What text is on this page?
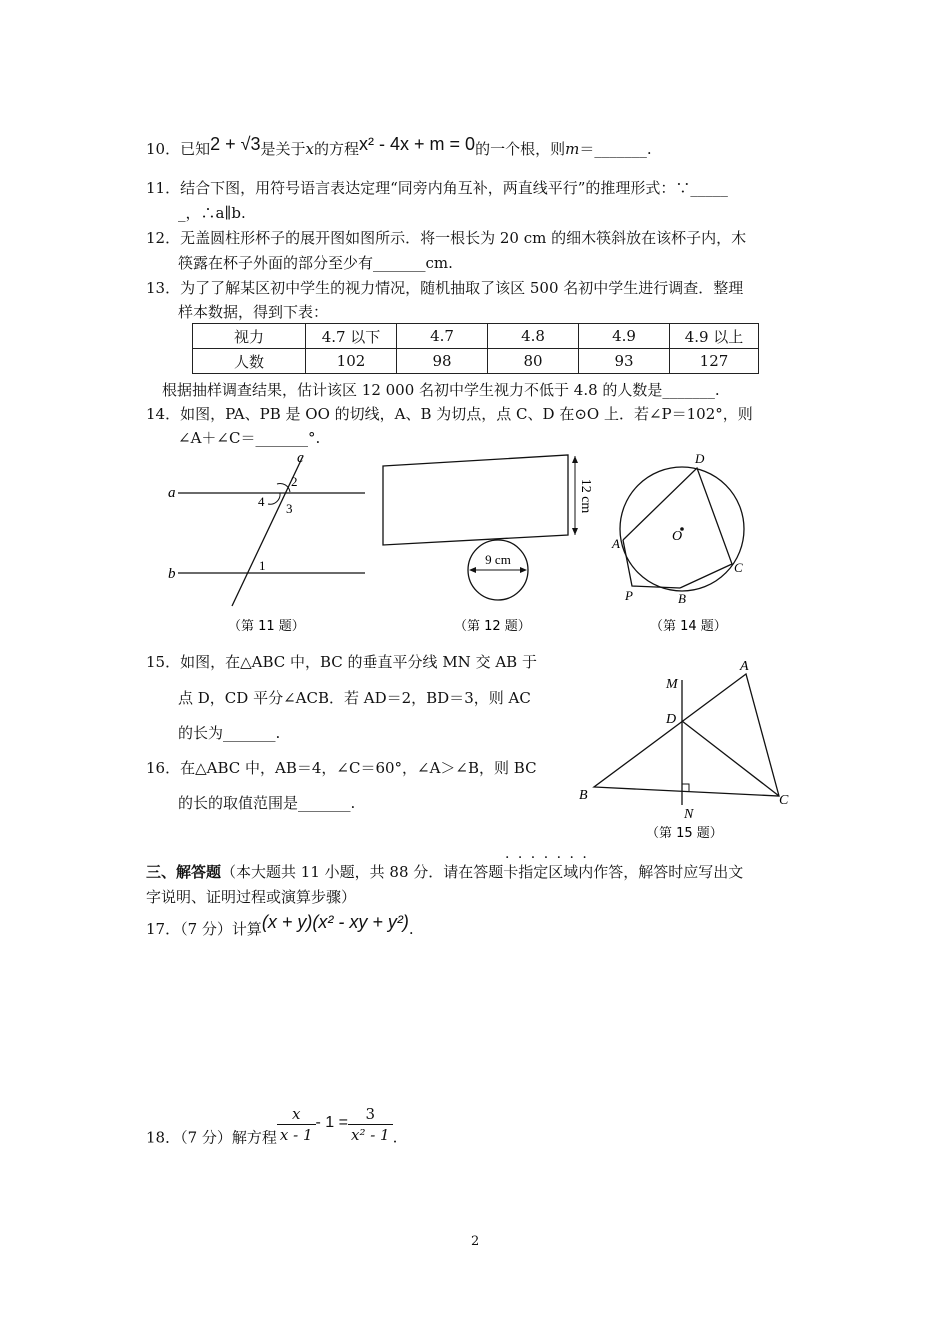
10．已知2 + √3是关于x的方程x² - 4x + m = 0的一个根，则m＝_______.
11．结合下图，用符号语言表达定理“同旁内角互补，两直线平行”的推理形式：∵_____
_，∴a∥b.
12．无盖圆柱形杯子的展开图如图所示．将一根长为 20 cm 的细木筷斜放在该杯子内，木
筷露在杯子外面的部分至少有_______cm.
13．为了了解某区初中学生的视力情况，随机抽取了该区 500 名初中学生进行调查．整理
样本数据，得到下表：
视力	4.7 以下	4.7	4.8	4.9	4.9 以上
人数	102	98	80	93	127
根据抽样调查结果，估计该区 12 000 名初中学生视力不低于 4.8 的人数是_______.
14．如图，PA、PB 是 OO 的切线，A、B 为切点，点 C、D 在⊙O 上．若∠P＝102°，则
∠A＋∠C＝_______°.
a
b
c
2
4 3
1
（第 11 题）
12 cm
9 cm
（第 12 题）
O
D
A
C
P	B
（第 14 题）
15．如图，在△ABC 中，BC 的垂直平分线 MN 交 AB 于
点 D，CD 平分∠ACB．若 AD＝2，BD＝3，则 AC
的长为_______.
16．在△ABC 中，AB＝4，∠C＝60°，∠A＞∠B，则 BC
的长的取值范围是_______.
A
M
D
B	C
N
（第 15 题）
· · · · · · ·
三、解答题（本大题共 11 小题，共 88 分．请在答题卡指定区域内作答，解答时应写出文
字说明、证明过程或演算步骤）
17．（7 分）计算(x + y)(x² - xy + y²).
18．（7 分）解方程 $\frac{x}{x - 1} - 1 = \frac{3}{\text{x² - 1}}$ .
2
